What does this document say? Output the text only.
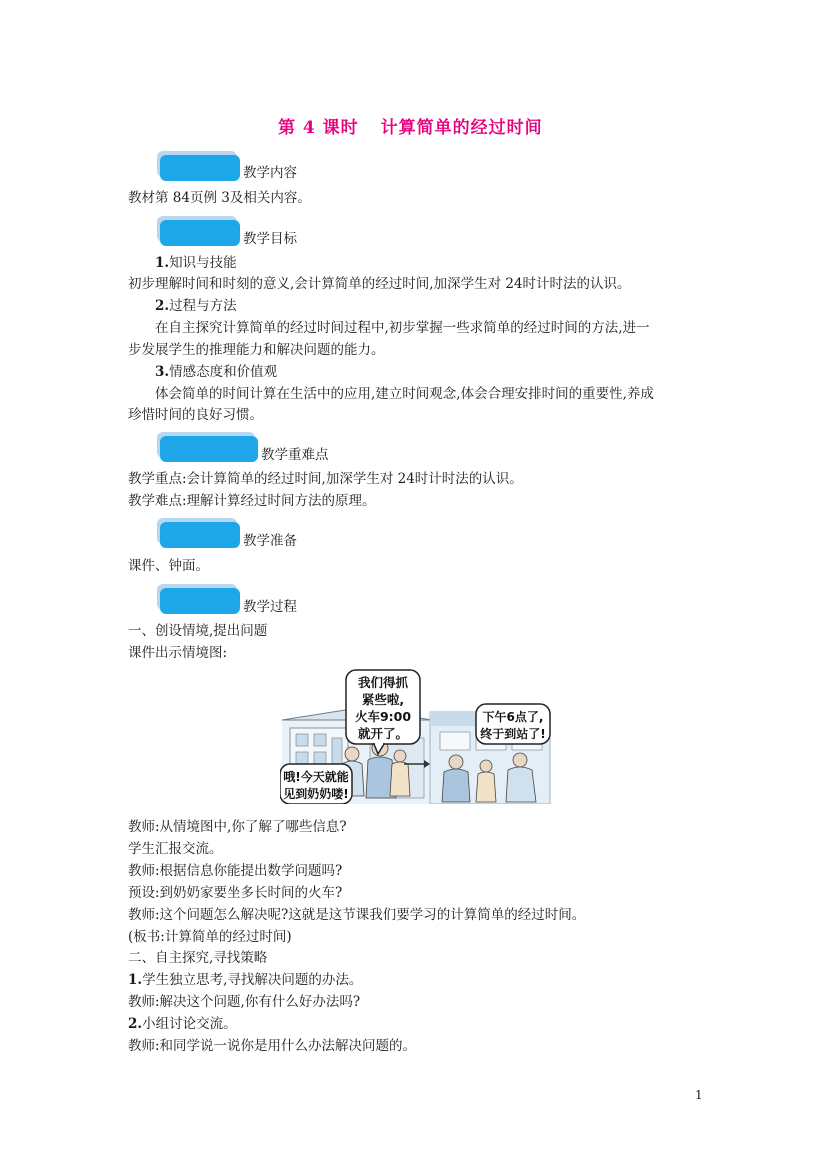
第 4 课时 计算简单的经过时间
教学内容
教材第 84页例 3及相关内容。
教学目标
1.知识与技能
初步理解时间和时刻的意义,会计算简单的经过时间,加深学生对 24时计时法的认识。
2.过程与方法
在自主探究计算简单的经过时间过程中,初步掌握一些求简单的经过时间的方法,进一
步发展学生的推理能力和解决问题的能力。
3.情感态度和价值观
体会简单的时间计算在生活中的应用,建立时间观念,体会合理安排时间的重要性,养成
珍惜时间的良好习惯。
教学重难点
教学重点:会计算简单的经过时间,加深学生对 24时计时法的认识。
教学难点:理解计算经过时间方法的原理。
教学准备
课件、钟面。
教学过程
一、创设情境,提出问题
课件出示情境图:
我们得抓
紧些啦,
火车9:00
就开了。
哦!今天就能
见到奶奶喽!
下午6点了,
终于到站了!
教师:从情境图中,你了解了哪些信息?
学生汇报交流。
教师:根据信息你能提出数学问题吗?
预设:到奶奶家要坐多长时间的火车?
教师:这个问题怎么解决呢?这就是这节课我们要学习的计算简单的经过时间。
(板书:计算简单的经过时间)
二、自主探究,寻找策略
1.学生独立思考,寻找解决问题的办法。
教师:解决这个问题,你有什么好办法吗?
2.小组讨论交流。
教师:和同学说一说你是用什么办法解决问题的。
1
